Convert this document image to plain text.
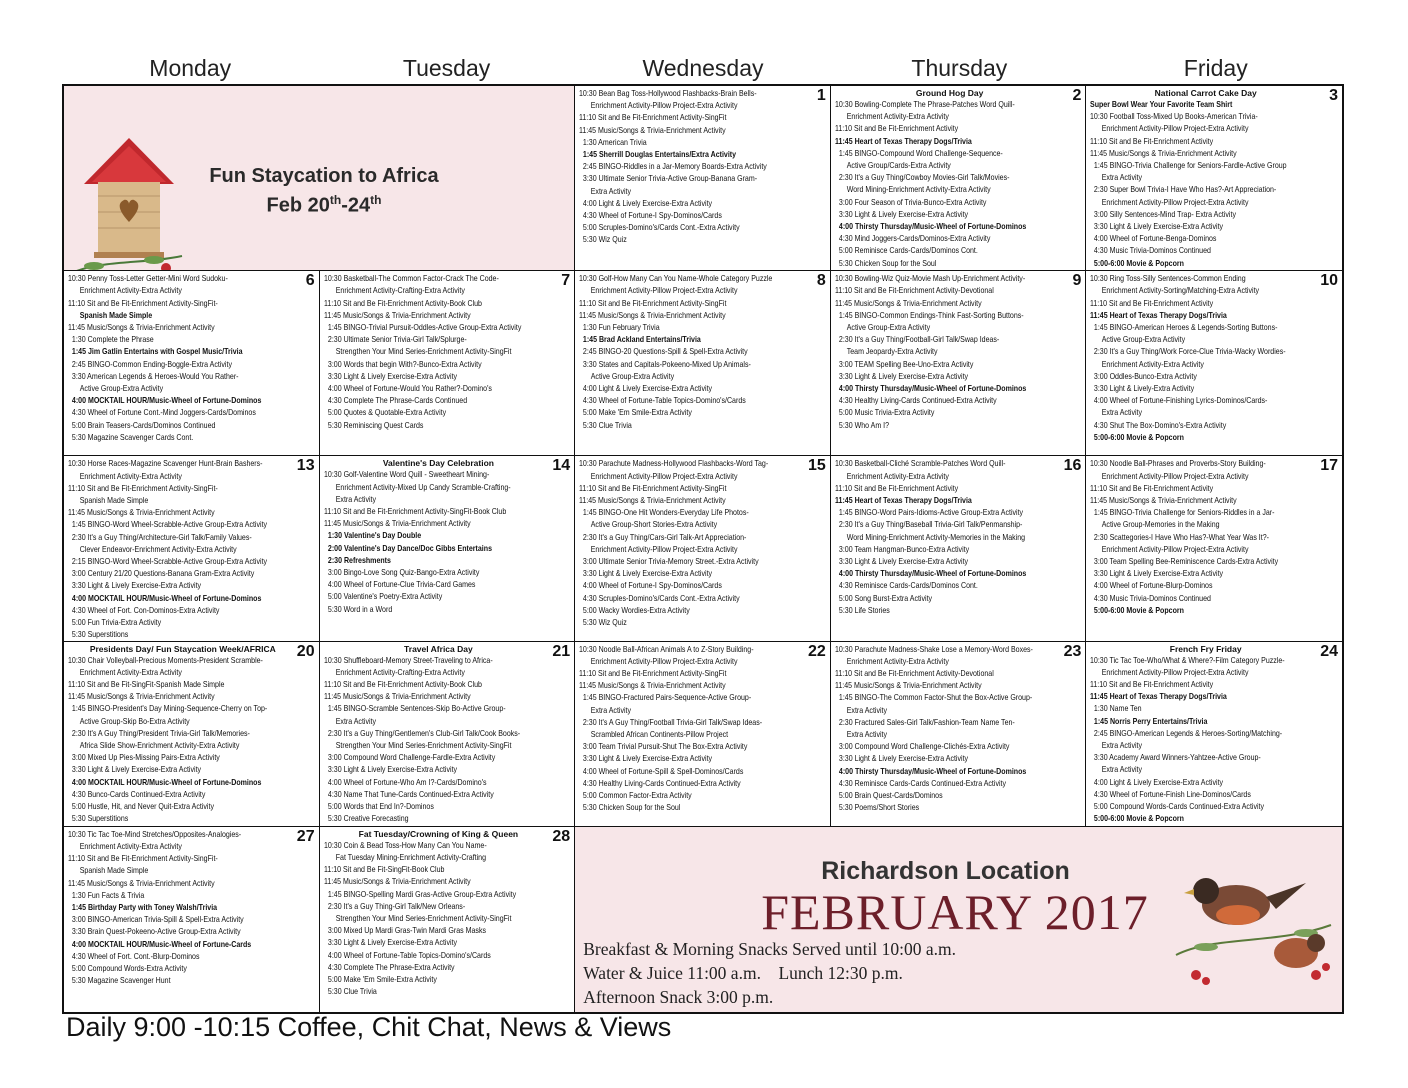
Monday	Tuesday	Wednesday	Thursday	Friday
Fun Staycation to Africa
Feb 20th-24th
1
10:30 Bean Bag Toss-Hollywood Flashbacks-Brain Bells-
Enrichment Activity-Pillow Project-Extra Activity
11:10 Sit and Be Fit-Enrichment Activity-SingFit
11:45 Music/Songs & Trivia-Enrichment Activity
1:30 American Trivia
1:45 Sherrill Douglas Entertains/Extra Activity
2:45 BINGO-Riddles in a Jar-Memory Boards-Extra Activity
3:30 Ultimate Senior Trivia-Active Group-Banana Gram-
Extra Activity
4:00 Light & Lively Exercise-Extra Activity
4:30 Wheel of Fortune-I Spy-Dominos/Cards
5:00 Scruples-Domino's/Cards Cont.-Extra Activity
5:30 Wiz Quiz
2
Ground Hog Day
10:30 Bowling-Complete The Phrase-Patches Word Quill-
Enrichment Activity-Extra Activity
11:10 Sit and Be Fit-Enrichment Activity
11:45 Heart of Texas Therapy Dogs/Trivia
1:45 BINGO-Compound Word Challenge-Sequence-
Active Group/Cards-Extra Activity
2:30 It's a Guy Thing/Cowboy Movies-Girl Talk/Movies-
Word Mining-Enrichment Activity-Extra Activity
3:00 Four Season of Trivia-Bunco-Extra Activity
3:30 Light & Lively Exercise-Extra Activity
4:00 Thirsty Thursday/Music-Wheel of Fortune-Dominos
4:30 Mind Joggers-Cards/Dominos-Extra Activity
5:00 Reminisce Cards-Cards/Dominos Cont.
5:30 Chicken Soup for the Soul
3
National Carrot Cake Day
Super Bowl Wear Your Favorite Team Shirt
10:30 Football Toss-Mixed Up Books-American Trivia-
Enrichment Activity-Pillow Project-Extra Activity
11:10 Sit and Be Fit-Enrichment Activity
11:45 Music/Songs & Trivia-Enrichment Activity
1:45 BINGO-Trivia Challenge for Seniors-Fardle-Active Group
Extra Activity
2:30 Super Bowl Trivia-I Have Who Has?-Art Appreciation-
Enrichment Activity-Pillow Project-Extra Activity
3:00 Silly Sentences-Mind Trap- Extra Activity
3:30 Light & Lively Exercise-Extra Activity
4:00 Wheel of Fortune-Benga-Dominos
4:30 Music Trivia-Dominos Continued
5:00-6:00 Movie & Popcorn
6
10:30 Penny Toss-Letter Getter-Mini Word Sudoku-
Enrichment Activity-Extra Activity
11:10 Sit and Be Fit-Enrichment Activity-SingFit-
Spanish Made Simple
11:45 Music/Songs & Trivia-Enrichment Activity
1:30 Complete the Phrase
1:45 Jim Gatlin Entertains with Gospel Music/Trivia
2:45 BINGO-Common Ending-Boggle-Extra Activity
3:30 American Legends & Heroes-Would You Rather-
Active Group-Extra Activity
4:00 MOCKTAIL HOUR/Music-Wheel of Fortune-Dominos
4:30 Wheel of Fortune Cont.-Mind Joggers-Cards/Dominos
5:00 Brain Teasers-Cards/Dominos Continued
5:30 Magazine Scavenger Cards Cont.
7
10:30 Basketball-The Common Factor-Crack The Code-
Enrichment Activity-Crafting-Extra Activity
11:10 Sit and Be Fit-Enrichment Activity-Book Club
11:45 Music/Songs & Trivia-Enrichment Activity
1:45 BINGO-Trivial Pursuit-Oddles-Active Group-Extra Activity
2:30 Ultimate Senior Trivia-Girl Talk/Splurge-
Strengthen Your Mind Series-Enrichment Activity-SingFit
3:00 Words that begin With?-Bunco-Extra Activity
3:30 Light & Lively Exercise-Extra Activity
4:00 Wheel of Fortune-Would You Rather?-Domino's
4:30 Complete The Phrase-Cards Continued
5:00 Quotes & Quotable-Extra Activity
5:30 Reminiscing Quest Cards
8
10:30 Golf-How Many Can You Name-Whole Category Puzzle
Enrichment Activity-Pillow Project-Extra Activity
11:10 Sit and Be Fit-Enrichment Activity-SingFit
11:45 Music/Songs & Trivia-Enrichment Activity
1:30 Fun February Trivia
1:45 Brad Ackland Entertains/Trivia
2:45 BINGO-20 Questions-Spill & Spell-Extra Activity
3:30 States and Capitals-Pokeeno-Mixed Up Animals-
Active Group-Extra Activity
4:00 Light & Lively Exercise-Extra Activity
4:30 Wheel of Fortune-Table Topics-Domino's/Cards
5:00 Make 'Em Smile-Extra Activity
5:30 Clue Trivia
9
10:30 Bowling-Wiz Quiz-Movie Mash Up-Enrichment Activity-
11:10 Sit and Be Fit-Enrichment Activity-Devotional
11:45 Music/Songs & Trivia-Enrichment Activity
1:45 BINGO-Common Endings-Think Fast-Sorting Buttons-
Active Group-Extra Activity
2:30 It's a Guy Thing/Football-Girl Talk/Swap Ideas-
Team Jeopardy-Extra Activity
3:00 TEAM Spelling Bee-Uno-Extra Activity
3:30 Light & Lively Exercise-Extra Activity
4:00 Thirsty Thursday/Music-Wheel of Fortune-Dominos
4:30 Healthy Living-Cards Continued-Extra Activity
5:00 Music Trivia-Extra Activity
5:30 Who Am I?
10
10:30 Ring Toss-Silly Sentences-Common Ending
Enrichment Activity-Sorting/Matching-Extra Activity
11:10 Sit and Be Fit-Enrichment Activity
11:45 Heart of Texas Therapy Dogs/Trivia
1:45 BINGO-American Heroes & Legends-Sorting Buttons-
Active Group-Extra Activity
2:30 It's a Guy Thing/Work Force-Clue Trivia-Wacky Wordies-
Enrichment Activity-Extra Activity
3:00 Oddles-Bunco-Extra Activity
3:30 Light & Lively-Extra Activity
4:00 Wheel of Fortune-Finishing Lyrics-Dominos/Cards-
Extra Activity
4:30 Shut The Box-Domino's-Extra Activity
5:00-6:00 Movie & Popcorn
13
10:30 Horse Races-Magazine Scavenger Hunt-Brain Bashers-
Enrichment Activity-Extra Activity
11:10 Sit and Be Fit-Enrichment Activity-SingFit-
Spanish Made Simple
11:45 Music/Songs & Trivia-Enrichment Activity
1:45 BINGO-Word Wheel-Scrabble-Active Group-Extra Activity
2:30 It's a Guy Thing/Architecture-Girl Talk/Family Values-
Clever Endeavor-Enrichment Activity-Extra Activity
2:15 BINGO-Word Wheel-Scrabble-Active Group-Extra Activity
3:00 Century 21/20 Questions-Banana Gram-Extra Activity
3:30 Light & Lively Exercise-Extra Activity
4:00 MOCKTAIL HOUR/Music-Wheel of Fortune-Dominos
4:30 Wheel of Fort. Con-Dominos-Extra Activity
5:00 Fun Trivia-Extra Activity
5:30 Superstitions
14
Valentine's Day Celebration
10:30 Golf-Valentine Word Quill - Sweetheart Mining-
Enrichment Activity-Mixed Up Candy Scramble-Crafting-
Extra Activity
11:10 Sit and Be Fit-Enrichment Activity-SingFit-Book Club
11:45 Music/Songs & Trivia-Enrichment Activity
1:30 Valentine's Day Double
2:00 Valentine's Day Dance/Doc Gibbs Entertains
2:30 Refreshments
3:00 Bingo-Love Song Quiz-Bango-Extra Activity
4:00 Wheel of Fortune-Clue Trivia-Card Games
5:00 Valentine's Poetry-Extra Activity
5:30 Word in a Word
15
10:30 Parachute Madness-Hollywood Flashbacks-Word Tag-
Enrichment Activity-Pillow Project-Extra Activity
11:10 Sit and Be Fit-Enrichment Activity-SingFit
11:45 Music/Songs & Trivia-Enrichment Activity
1:45 BINGO-One Hit Wonders-Everyday Life Photos-
Active Group-Short Stories-Extra Activity
2:30 It's a Guy Thing/Cars-Girl Talk-Art Appreciation-
Enrichment Activity-Pillow Project-Extra Activity
3:00 Ultimate Senior Trivia-Memory Street.-Extra Activity
3:30 Light & Lively Exercise-Extra Activity
4:00 Wheel of Fortune-I Spy-Dominos/Cards
4:30 Scruples-Domino's/Cards Cont.-Extra Activity
5:00 Wacky Wordies-Extra Activity
5:30 Wiz Quiz
16
10:30 Basketball-Cliché Scramble-Patches Word Quill-
Enrichment Activity-Extra Activity
11:10 Sit and Be Fit-Enrichment Activity
11:45 Heart of Texas Therapy Dogs/Trivia
1:45 BINGO-Word Pairs-Idioms-Active Group-Extra Activity
2:30 It's a Guy Thing/Baseball Trivia-Girl Talk/Penmanship-
Word Mining-Enrichment Activity-Memories in the Making
3:00 Team Hangman-Bunco-Extra Activity
3:30 Light & Lively Exercise-Extra Activity
4:00 Thirsty Thursday/Music-Wheel of Fortune-Dominos
4:30 Reminisce Cards-Cards/Dominos Cont.
5:00 Song Burst-Extra Activity
5:30 Life Stories
17
10:30 Noodle Ball-Phrases and Proverbs-Story Building-
Enrichment Activity-Pillow Project-Extra Activity
11:10 Sit and Be Fit-Enrichment Activity
11:45 Music/Songs & Trivia-Enrichment Activity
1:45 BINGO-Trivia Challenge for Seniors-Riddles in a Jar-
Active Group-Memories in the Making
2:30 Scattegories-I Have Who Has?-What Year Was It?-
Enrichment Activity-Pillow Project-Extra Activity
3:00 Team Spelling Bee-Reminiscence Cards-Extra Activity
3:30 Light & Lively Exercise-Extra Activity
4:00 Wheel of Fortune-Blurp-Dominos
4:30 Music Trivia-Dominos Continued
5:00-6:00 Movie & Popcorn
20
Presidents Day/ Fun Staycation Week/AFRICA
10:30 Chair Volleyball-Precious Moments-President Scramble-
Enrichment Activity-Extra Activity
11:10 Sit and Be Fit-SingFit-Spanish Made Simple
11:45 Music/Songs & Trivia-Enrichment Activity
1:45 BINGO-President's Day Mining-Sequence-Cherry on Top-
Active Group-Skip Bo-Extra Activity
2:30 It's A Guy Thing/President Trivia-Girl Talk/Memories-
Africa Slide Show-Enrichment Activity-Extra Activity
3:00 Mixed Up Pies-Missing Pairs-Extra Activity
3:30 Light & Lively Exercise-Extra Activity
4:00 MOCKTAIL HOUR/Music-Wheel of Fortune-Dominos
4:30 Bunco-Cards Continued-Extra Activity
5:00 Hustle, Hit, and Never Quit-Extra Activity
5:30 Superstitions
21
Travel Africa Day
10:30 Shuffleboard-Memory Street-Traveling to Africa-
Enrichment Activity-Crafting-Extra Activity
11:10 Sit and Be Fit-Enrichment Activity-Book Club
11:45 Music/Songs & Trivia-Enrichment Activity
1:45 BINGO-Scramble Sentences-Skip Bo-Active Group-
Extra Activity
2:30 It's a Guy Thing/Gentlemen's Club-Girl Talk/Cook Books-
Strengthen Your Mind Series-Enrichment Activity-SingFit
3:00 Compound Word Challenge-Fardle-Extra Activity
3:30 Light & Lively Exercise-Extra Activity
4:00 Wheel of Fortune-Who Am I?-Cards/Domino's
4:30 Name That Tune-Cards Continued-Extra Activity
5:00 Words that End In?-Dominos
5:30 Creative Forecasting
22
10:30 Noodle Ball-African Animals A to Z-Story Building-
Enrichment Activity-Pillow Project-Extra Activity
11:10 Sit and Be Fit-Enrichment Activity-SingFit
11:45 Music/Songs & Trivia-Enrichment Activity
1:45 BINGO-Fractured Pairs-Sequence-Active Group-
Extra Activity
2:30 It's A Guy Thing/Football Trivia-Girl Talk/Swap Ideas-
Scrambled African Continents-Pillow Project
3:00 Team Trivial Pursuit-Shut The Box-Extra Activity
3:30 Light & Lively Exercise-Extra Activity
4:00 Wheel of Fortune-Spill & Spell-Dominos/Cards
4:30 Healthy Living-Cards Continued-Extra Activity
5:00 Common Factor-Extra Activity
5:30 Chicken Soup for the Soul
23
10:30 Parachute Madness-Shake Lose a Memory-Word Boxes-
Enrichment Activity-Extra Activity
11:10 Sit and Be Fit-Enrichment Activity-Devotional
11:45 Music/Songs & Trivia-Enrichment Activity
1:45 BINGO-The Common Factor-Shut the Box-Active Group-
Extra Activity
2:30 Fractured Sales-Girl Talk/Fashion-Team Name Ten-
Extra Activity
3:00 Compound Word Challenge-Clichés-Extra Activity
3:30 Light & Lively Exercise-Extra Activity
4:00 Thirsty Thursday/Music-Wheel of Fortune-Dominos
4:30 Reminisce Cards-Cards Continued-Extra Activity
5:00 Brain Quest-Cards/Dominos
5:30 Poems/Short Stories
24
French Fry Friday
10:30 Tic Tac Toe-Who/What & Where?-Film Category Puzzle-
Enrichment Activity-Pillow Project-Extra Activity
11:10 Sit and Be Fit-Enrichment Activity
11:45 Heart of Texas Therapy Dogs/Trivia
1:30 Name Ten
1:45 Norris Perry Entertains/Trivia
2:45 BINGO-American Legends & Heroes-Sorting/Matching-
Extra Activity
3:30 Academy Award Winners-Yahtzee-Active Group-
Extra Activity
4:00 Light & Lively Exercise-Extra Activity
4:30 Wheel of Fortune-Finish Line-Dominos/Cards
5:00 Compound Words-Cards Continued-Extra Activity
5:00-6:00 Movie & Popcorn
27
10:30 Tic Tac Toe-Mind Stretches/Opposites-Analogies-
Enrichment Activity-Extra Activity
11:10 Sit and Be Fit-Enrichment Activity-SingFit-
Spanish Made Simple
11:45 Music/Songs & Trivia-Enrichment Activity
1:30 Fun Facts & Trivia
1:45 Birthday Party with Toney Walsh/Trivia
3:00 BINGO-American Trivia-Spill & Spell-Extra Activity
3:30 Brain Quest-Pokeeno-Active Group-Extra Activity
4:00 MOCKTAIL HOUR/Music-Wheel of Fortune-Cards
4:30 Wheel of Fort. Cont.-Blurp-Dominos
5:00 Compound Words-Extra Activity
5:30 Magazine Scavenger Hunt
28
Fat Tuesday/Crowning of King & Queen
10:30 Coin & Bead Toss-How Many Can You Name-
Fat Tuesday Mining-Enrichment Activity-Crafting
11:10 Sit and Be Fit-SingFit-Book Club
11:45 Music/Songs & Trivia-Enrichment Activity
1:45 BINGO-Spelling Mardi Gras-Active Group-Extra Activity
2:30 It's a Guy Thing-Girl Talk/New Orleans-
Strengthen Your Mind Series-Enrichment Activity-SingFit
3:00 Mixed Up Mardi Gras-Twin Mardi Gras Masks
3:30 Light & Lively Exercise-Extra Activity
4:00 Wheel of Fortune-Table Topics-Domino's/Cards
4:30 Complete The Phrase-Extra Activity
5:00 Make 'Em Smile-Extra Activity
5:30 Clue Trivia
Richardson Location
FEBRUARY 2017
Breakfast & Morning Snacks Served until 10:00 a.m.
Water & Juice 11:00 a.m.    Lunch 12:30 p.m.
Afternoon Snack 3:00 p.m.
Daily 9:00 -10:15 Coffee, Chit Chat, News & Views
